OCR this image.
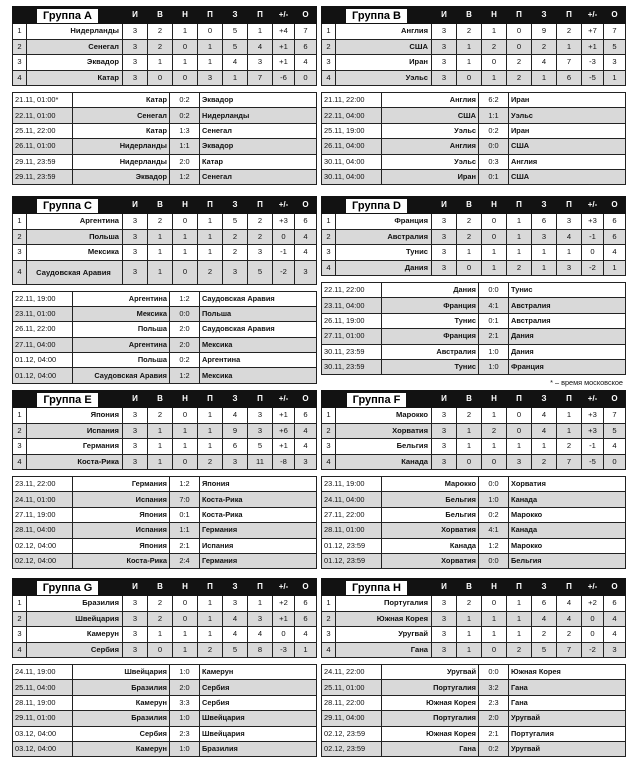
Группа А		И	В	Н	П	З	П	+/-	О
1	Нидерланды	3	2	1	0	5	1	+4	7
2	Сенегал	3	2	0	1	5	4	+1	6
3	Эквадор	3	1	1	1	4	3	+1	4
4	Катар	3	0	0	3	1	7	-6	0
21.11, 01:00*	Катар	0:2	Эквадор
22.11, 01:00	Сенегал	0:2	Нидерланды
25.11, 22:00	Катар	1:3	Сенегал
26.11, 01:00	Нидерланды	1:1	Эквадор
29.11, 23:59	Нидерланды	2:0	Катар
29.11, 23:59	Эквадор	1:2	Сенегал
Группа B		И	В	Н	П	З	П	+/-	О
1	Англия	3	2	1	0	9	2	+7	7
2	США	3	1	2	0	2	1	+1	5
3	Иран	3	1	0	2	4	7	-3	3
4	Уэльс	3	0	1	2	1	6	-5	1
21.11, 22:00	Англия	6:2	Иран
22.11, 04:00	США	1:1	Уэльс
25.11, 19:00	Уэльс	0:2	Иран
26.11, 04:00	Англия	0:0	США
30.11, 04:00	Уэльс	0:3	Англия
30.11, 04:00	Иран	0:1	США
Группа С		И	В	Н	П	З	П	+/-	О
1	Аргентина	3	2	0	1	5	2	+3	6
2	Польша	3	1	1	1	2	2	0	4
3	Мексика	3	1	1	1	2	3	-1	4
4	Саудовская Аравия	3	1	0	2	3	5	-2	3
22.11, 19:00	Аргентина	1:2	Саудовская Аравия
23.11, 01:00	Мексика	0:0	Польша
26.11, 22:00	Польша	2:0	Саудовская Аравия
27.11, 04:00	Аргентина	2:0	Мексика
01.12, 04:00	Польша	0:2	Аргентина
01.12, 04:00	Саудовская Аравия	1:2	Мексика
Группа D		И	В	Н	П	З	П	+/-	О
1	Франция	3	2	0	1	6	3	+3	6
2	Австралия	3	2	0	1	3	4	-1	6
3	Тунис	3	1	1	1	1	1	0	4
4	Дания	3	0	1	2	1	3	-2	1
22.11, 22:00	Дания	0:0	Тунис
23.11, 04:00	Франция	4:1	Австралия
26.11, 19:00	Тунис	0:1	Австралия
27.11, 01:00	Франция	2:1	Дания
30.11, 23:59	Австралия	1:0	Дания
30.11, 23:59	Тунис	1:0	Франция
Группа Е		И	В	Н	П	З	П	+/-	О
1	Япония	3	2	0	1	4	3	+1	6
2	Испания	3	1	1	1	9	3	+6	4
3	Германия	3	1	1	1	6	5	+1	4
4	Коста-Рика	3	1	0	2	3	11	-8	3
23.11, 22:00	Германия	1:2	Япония
24.11, 01:00	Испания	7:0	Коста-Рика
27.11, 19:00	Япония	0:1	Коста-Рика
28.11, 04:00	Испания	1:1	Германия
02.12, 04:00	Япония	2:1	Испания
02.12, 04:00	Коста-Рика	2:4	Германия
Группа F		И	В	Н	П	З	П	+/-	О
1	Марокко	3	2	1	0	4	1	+3	7
2	Хорватия	3	1	2	0	4	1	+3	5
3	Бельгия	3	1	1	1	1	2	-1	4
4	Канада	3	0	0	3	2	7	-5	0
23.11, 19:00	Марокко	0:0	Хорватия
24.11, 04:00	Бельгия	1:0	Канада
27.11, 22:00	Бельгия	0:2	Марокко
28.11, 01:00	Хорватия	4:1	Канада
01.12, 23:59	Канада	1:2	Марокко
01.12, 23:59	Хорватия	0:0	Бельгия
Группа G		И	В	Н	П	З	П	+/-	О
1	Бразилия	3	2	0	1	3	1	+2	6
2	Швейцария	3	2	0	1	4	3	+1	6
3	Камерун	3	1	1	1	4	4	0	4
4	Сербия	3	0	1	2	5	8	-3	1
24.11, 19:00	Швейцария	1:0	Камерун
25.11, 04:00	Бразилия	2:0	Сербия
28.11, 19:00	Камерун	3:3	Сербия
29.11, 01:00	Бразилия	1:0	Швейцария
03.12, 04:00	Сербия	2:3	Швейцария
03.12, 04:00	Камерун	1:0	Бразилия
Группа H		И	В	Н	П	З	П	+/-	О
1	Португалия	3	2	0	1	6	4	+2	6
2	Южная Корея	3	1	1	1	4	4	0	4
3	Уругвай	3	1	1	1	2	2	0	4
4	Гана	3	1	0	2	5	7	-2	3
24.11, 22:00	Уругвай	0:0	Южная Корея
25.11, 01:00	Португалия	3:2	Гана
28.11, 22:00	Южная Корея	2:3	Гана
29.11, 04:00	Португалия	2:0	Уругвай
02.12, 23:59	Южная Корея	2:1	Португалия
02.12, 23:59	Гана	0:2	Уругвай
* – время московское
